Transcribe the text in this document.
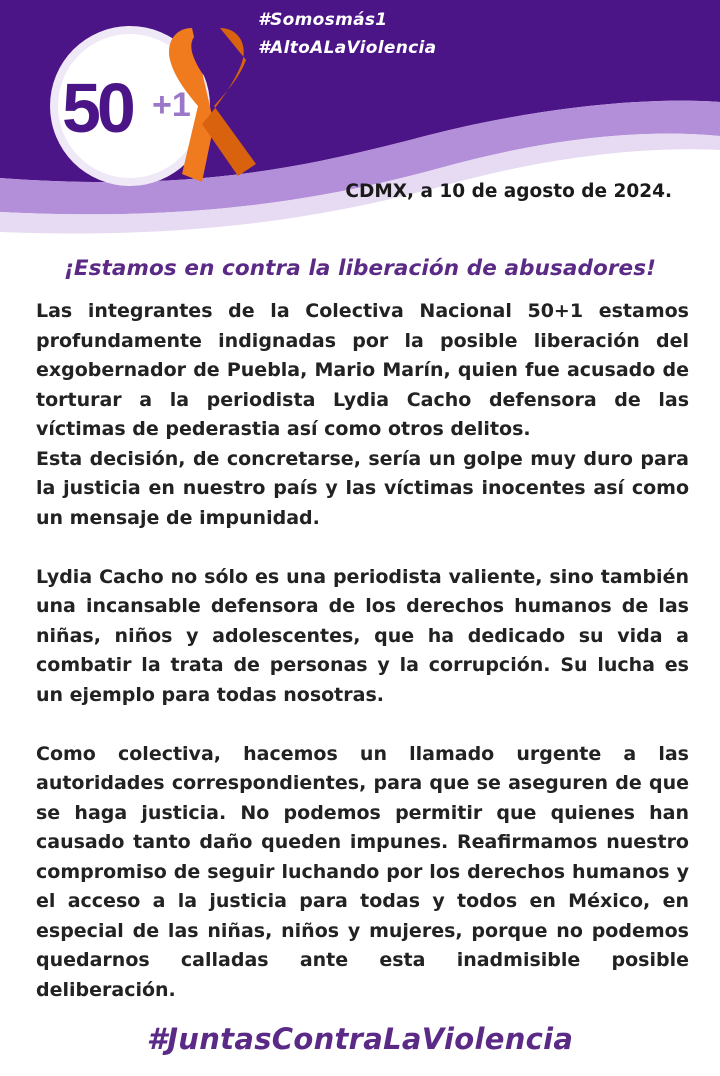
#Somosmás1
#AltoALaViolencia
50 +1
CDMX, a 10 de agosto de 2024.
¡Estamos en contra la liberación de abusadores!

Las integrantes de la Colectiva Nacional 50+1 estamos profundamente indignadas por la posible liberación del exgobernador de Puebla, Mario Marín, quien fue acusado de torturar a la periodista Lydia Cacho defensora de las víctimas de pederastia así como otros delitos.

Esta decisión, de concretarse, sería un golpe muy duro para la justicia en nuestro país y las víctimas inocentes así como un mensaje de impunidad.

Lydia Cacho no sólo es una periodista valiente, sino también una incansable defensora de los derechos humanos de las niñas, niños y adolescentes, que ha dedicado su vida a combatir la trata de personas y la corrupción. Su lucha es un ejemplo para todas nosotras.

Como colectiva, hacemos un llamado urgente a las autoridades correspondientes, para que se aseguren de que se haga justicia. No podemos permitir que quienes han causado tanto daño queden impunes. Reafirmamos nuestro compromiso de seguir luchando por los derechos humanos y el acceso a la justicia para todas y todos en México, en especial de las niñas, niños y mujeres, porque no podemos quedarnos calladas ante esta inadmisible posible deliberación.

#JuntasContraLaViolencia
